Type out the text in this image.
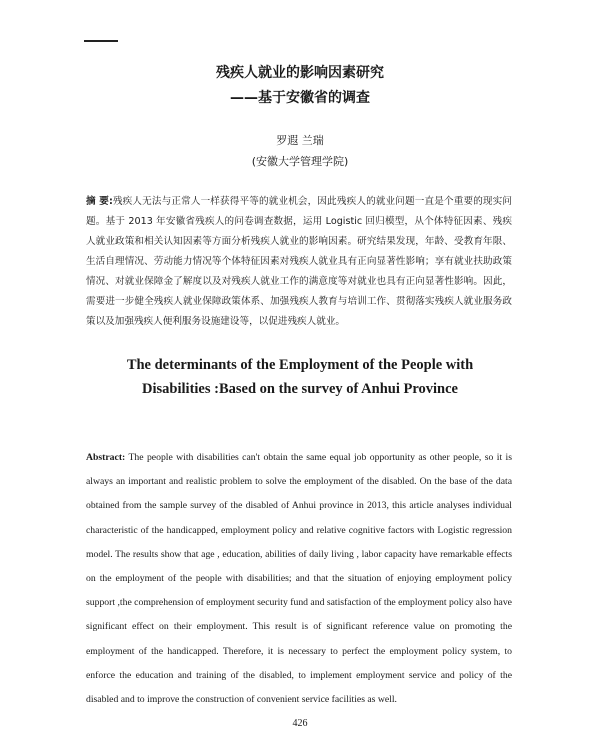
残疾人就业的影响因素研究
——基于安徽省的调查
罗遐 兰瑞
(安徽大学管理学院)
摘 要:残疾人无法与正常人一样获得平等的就业机会，因此残疾人的就业问题一直是个重要的现实问题。基于 2013 年安徽省残疾人的问卷调查数据，运用 Logistic 回归模型，从个体特征因素、残疾人就业政策和相关认知因素等方面分析残疾人就业的影响因素。研究结果发现，年龄、受教育年限、生活自理情况、劳动能力情况等个体特征因素对残疾人就业具有正向显著性影响；享有就业扶助政策情况、对就业保障金了解度以及对残疾人就业工作的满意度等对就业也具有正向显著性影响。因此，需要进一步健全残疾人就业保障政策体系、加强残疾人教育与培训工作、贯彻落实残疾人就业服务政策以及加强残疾人便利服务设施建设等，以促进残疾人就业。
The determinants of the Employment of the People with
Disabilities :Based on the survey of Anhui Province
Abstract: The people with disabilities can't obtain the same equal job opportunity as other people, so it is always an important and realistic problem to solve the employment of the disabled. On the base of the data obtained from the sample survey of the disabled of Anhui province in 2013, this article analyses individual characteristic of the handicapped, employment policy and relative cognitive factors with Logistic regression model. The results show that age , education, abilities of daily living , labor capacity have remarkable effects on the employment of the people with disabilities; and that the situation of enjoying employment policy support ,the comprehension of employment security fund and satisfaction of the employment policy also have significant effect on their employment. This result is of significant reference value on promoting the employment of the handicapped. Therefore, it is necessary to perfect the employment policy system, to enforce the education and training of the disabled, to implement employment service and policy of the disabled and to improve the construction of convenient service facilities as well.
426
